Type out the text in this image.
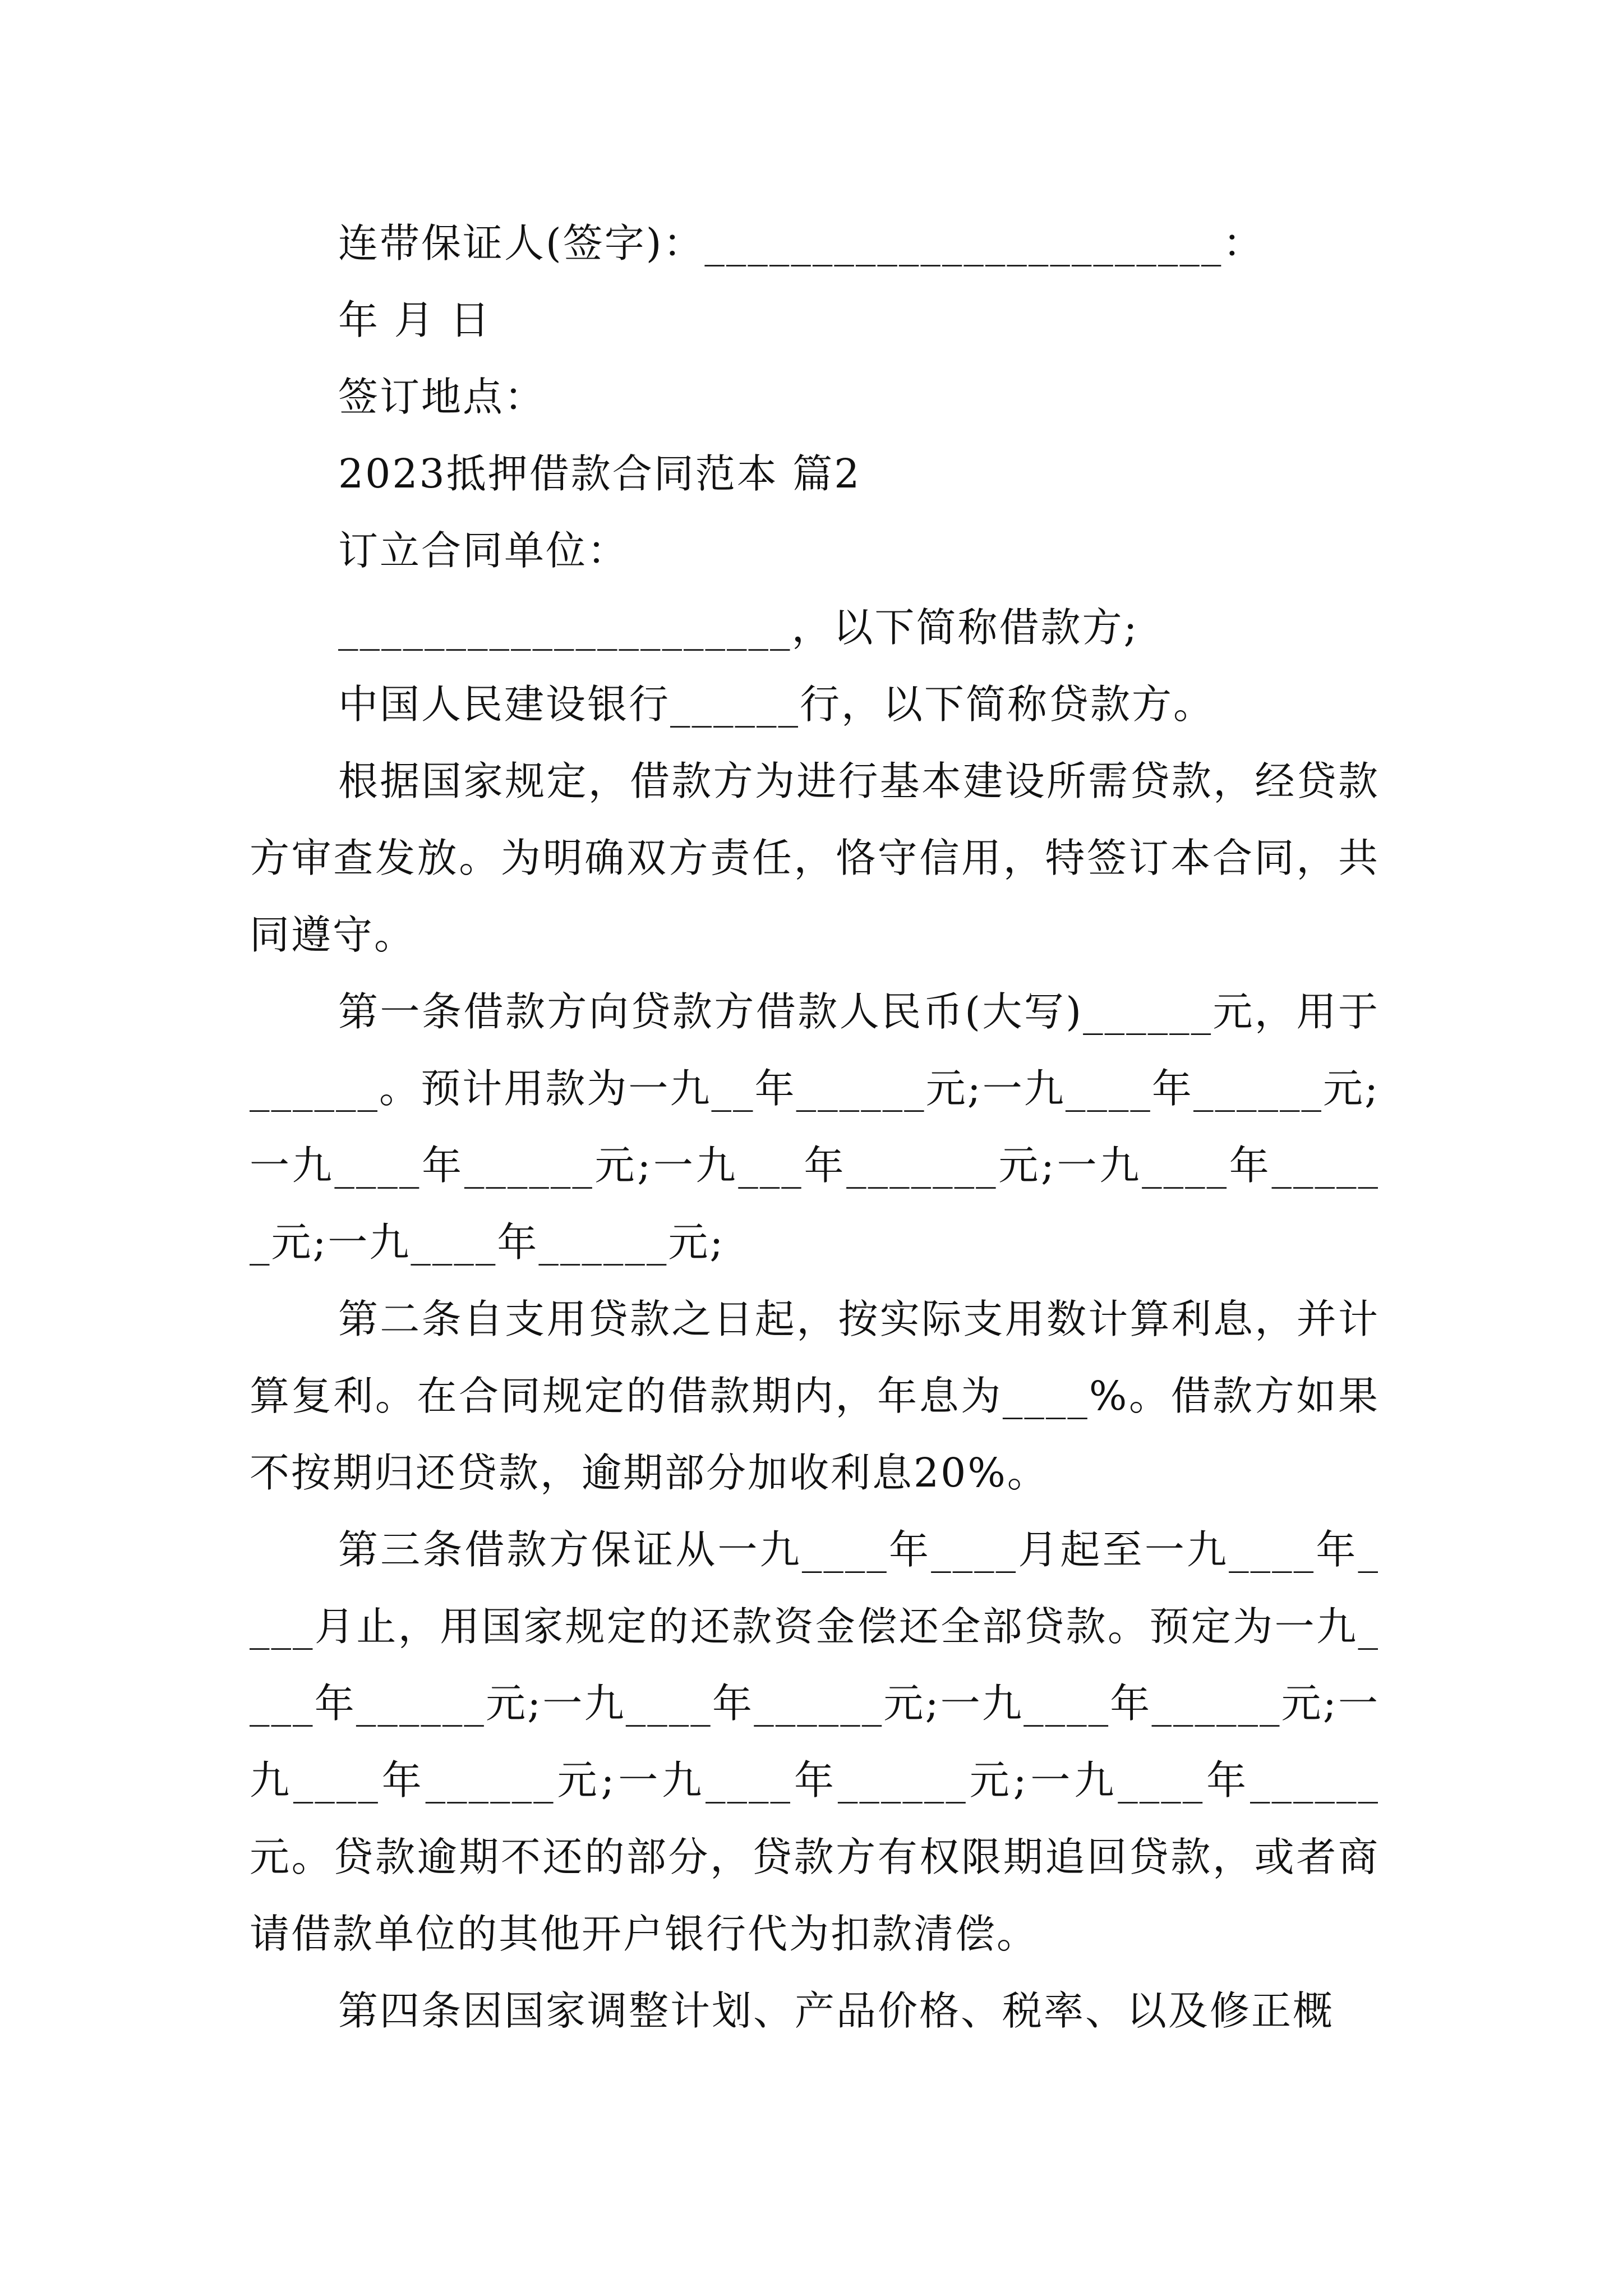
连带保证人(签字)：________________________：

年 月 日

签订地点：

2023抵押借款合同范本 篇2

订立合同单位：

_____________________，以下简称借款方;

中国人民建设银行______行，以下简称贷款方。

根据国家规定，借款方为进行基本建设所需贷款，经贷款方审查发放。为明确双方责任，恪守信用，特签订本合同，共同遵守。

第一条借款方向贷款方借款人民币(大写)______元，用于______。预计用款为一九__年______元;一九____年______元;一九____年______元;一九___年_______元;一九____年______元;一九____年______元;

第二条自支用贷款之日起，按实际支用数计算利息，并计算复利。在合同规定的借款期内，年息为____%。借款方如果不按期归还贷款，逾期部分加收利息20%。

第三条借款方保证从一九____年____月起至一九____年____月止，用国家规定的还款资金偿还全部贷款。预定为一九____年______元;一九____年______元;一九____年______元;一九____年______元;一九____年______元;一九____年______元。贷款逾期不还的部分，贷款方有权限期追回贷款，或者商请借款单位的其他开户银行代为扣款清偿。

第四条因国家调整计划、产品价格、税率、以及修正概
